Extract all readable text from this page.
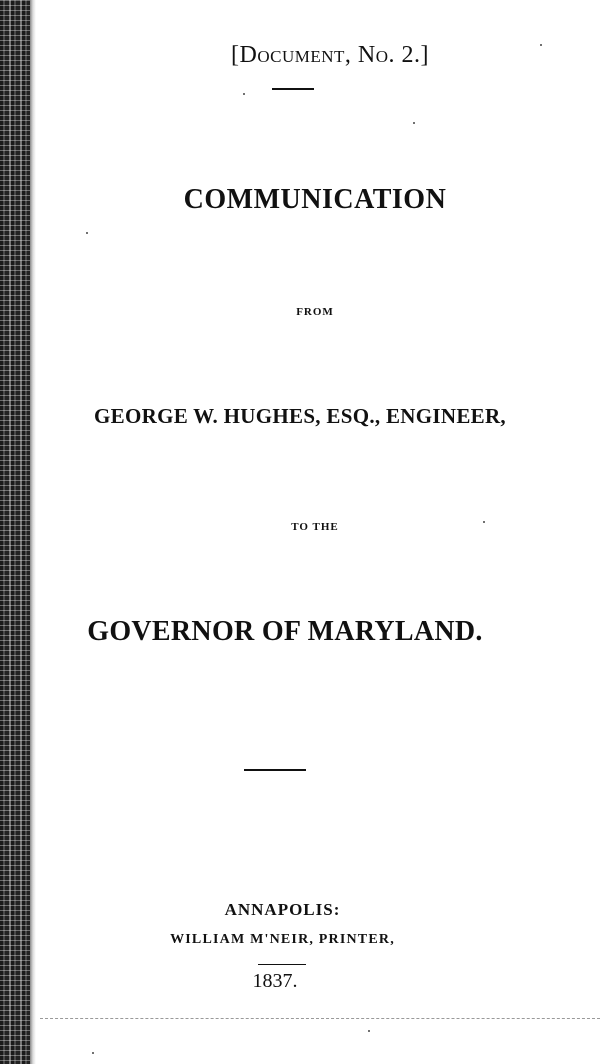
[Document, No. 2.]
COMMUNICATION
FROM
GEORGE W. HUGHES, ESQ., ENGINEER,
TO THE
GOVERNOR OF MARYLAND.
ANNAPOLIS:
WILLIAM M'NEIR, PRINTER,
1837.
